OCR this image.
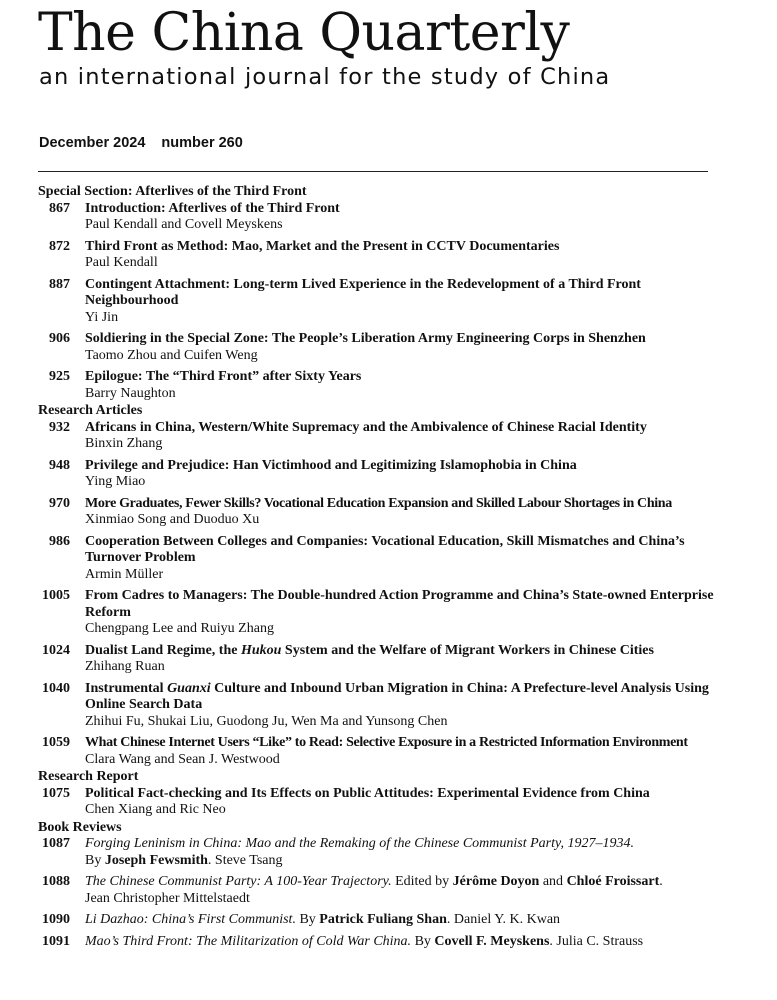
The China Quarterly
an international journal for the study of China
December 2024 number 260
Special Section: Afterlives of the Third Front
867 Introduction: Afterlives of the Third Front
Paul Kendall and Covell Meyskens
872 Third Front as Method: Mao, Market and the Present in CCTV Documentaries
Paul Kendall
887 Contingent Attachment: Long-term Lived Experience in the Redevelopment of a Third Front Neighbourhood
Yi Jin
906 Soldiering in the Special Zone: The People’s Liberation Army Engineering Corps in Shenzhen
Taomo Zhou and Cuifen Weng
925 Epilogue: The “Third Front” after Sixty Years
Barry Naughton
Research Articles
932 Africans in China, Western/White Supremacy and the Ambivalence of Chinese Racial Identity
Binxin Zhang
948 Privilege and Prejudice: Han Victimhood and Legitimizing Islamophobia in China
Ying Miao
970 More Graduates, Fewer Skills? Vocational Education Expansion and Skilled Labour Shortages in China
Xinmiao Song and Duoduo Xu
986 Cooperation Between Colleges and Companies: Vocational Education, Skill Mismatches and China’s Turnover Problem
Armin Müller
1005 From Cadres to Managers: The Double-hundred Action Programme and China’s State-owned Enterprise Reform
Chengpang Lee and Ruiyu Zhang
1024 Dualist Land Regime, the Hukou System and the Welfare of Migrant Workers in Chinese Cities
Zhihang Ruan
1040 Instrumental Guanxi Culture and Inbound Urban Migration in China: A Prefecture-level Analysis Using Online Search Data
Zhihui Fu, Shukai Liu, Guodong Ju, Wen Ma and Yunsong Chen
1059 What Chinese Internet Users “Like” to Read: Selective Exposure in a Restricted Information Environment
Clara Wang and Sean J. Westwood
Research Report
1075 Political Fact-checking and Its Effects on Public Attitudes: Experimental Evidence from China
Chen Xiang and Ric Neo
Book Reviews
1087 Forging Leninism in China: Mao and the Remaking of the Chinese Communist Party, 1927–1934.
By Joseph Fewsmith. Steve Tsang
1088 The Chinese Communist Party: A 100-Year Trajectory. Edited by Jérôme Doyon and Chloé Froissart.
Jean Christopher Mittelstaedt
1090 Li Dazhao: China’s First Communist. By Patrick Fuliang Shan. Daniel Y. K. Kwan
1091 Mao’s Third Front: The Militarization of Cold War China. By Covell F. Meyskens. Julia C. Strauss
